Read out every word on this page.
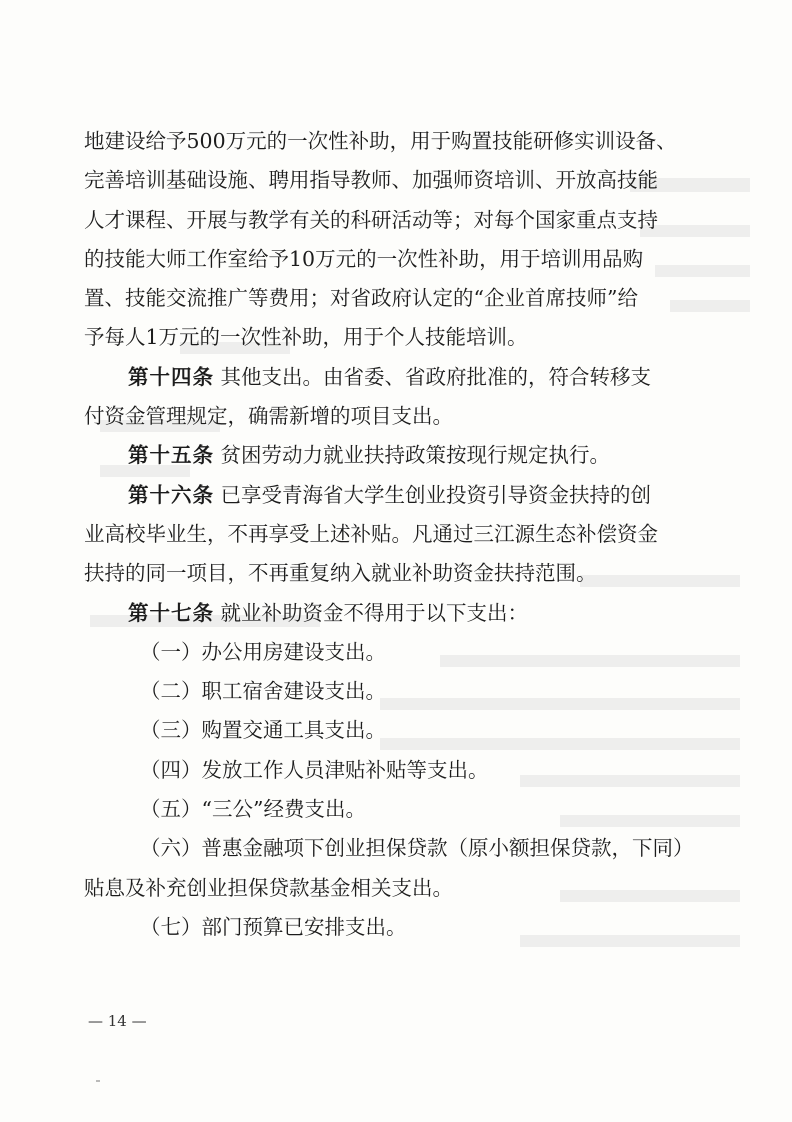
地建设给予500万元的一次性补助，用于购置技能研修实训设备、
完善培训基础设施、聘用指导教师、加强师资培训、开放高技能
人才课程、开展与教学有关的科研活动等；对每个国家重点支持
的技能大师工作室给予10万元的一次性补助，用于培训用品购
置、技能交流推广等费用；对省政府认定的“企业首席技师”给
予每人1万元的一次性补助，用于个人技能培训。
第十四条 其他支出。由省委、省政府批准的，符合转移支
付资金管理规定，确需新增的项目支出。
第十五条 贫困劳动力就业扶持政策按现行规定执行。
第十六条 已享受青海省大学生创业投资引导资金扶持的创
业高校毕业生，不再享受上述补贴。凡通过三江源生态补偿资金
扶持的同一项目，不再重复纳入就业补助资金扶持范围。
第十七条 就业补助资金不得用于以下支出：
（一）办公用房建设支出。
（二）职工宿舍建设支出。
（三）购置交通工具支出。
（四）发放工作人员津贴补贴等支出。
（五）“三公”经费支出。
（六）普惠金融项下创业担保贷款（原小额担保贷款，下同）
贴息及补充创业担保贷款基金相关支出。
（七）部门预算已安排支出。
— 14 —
